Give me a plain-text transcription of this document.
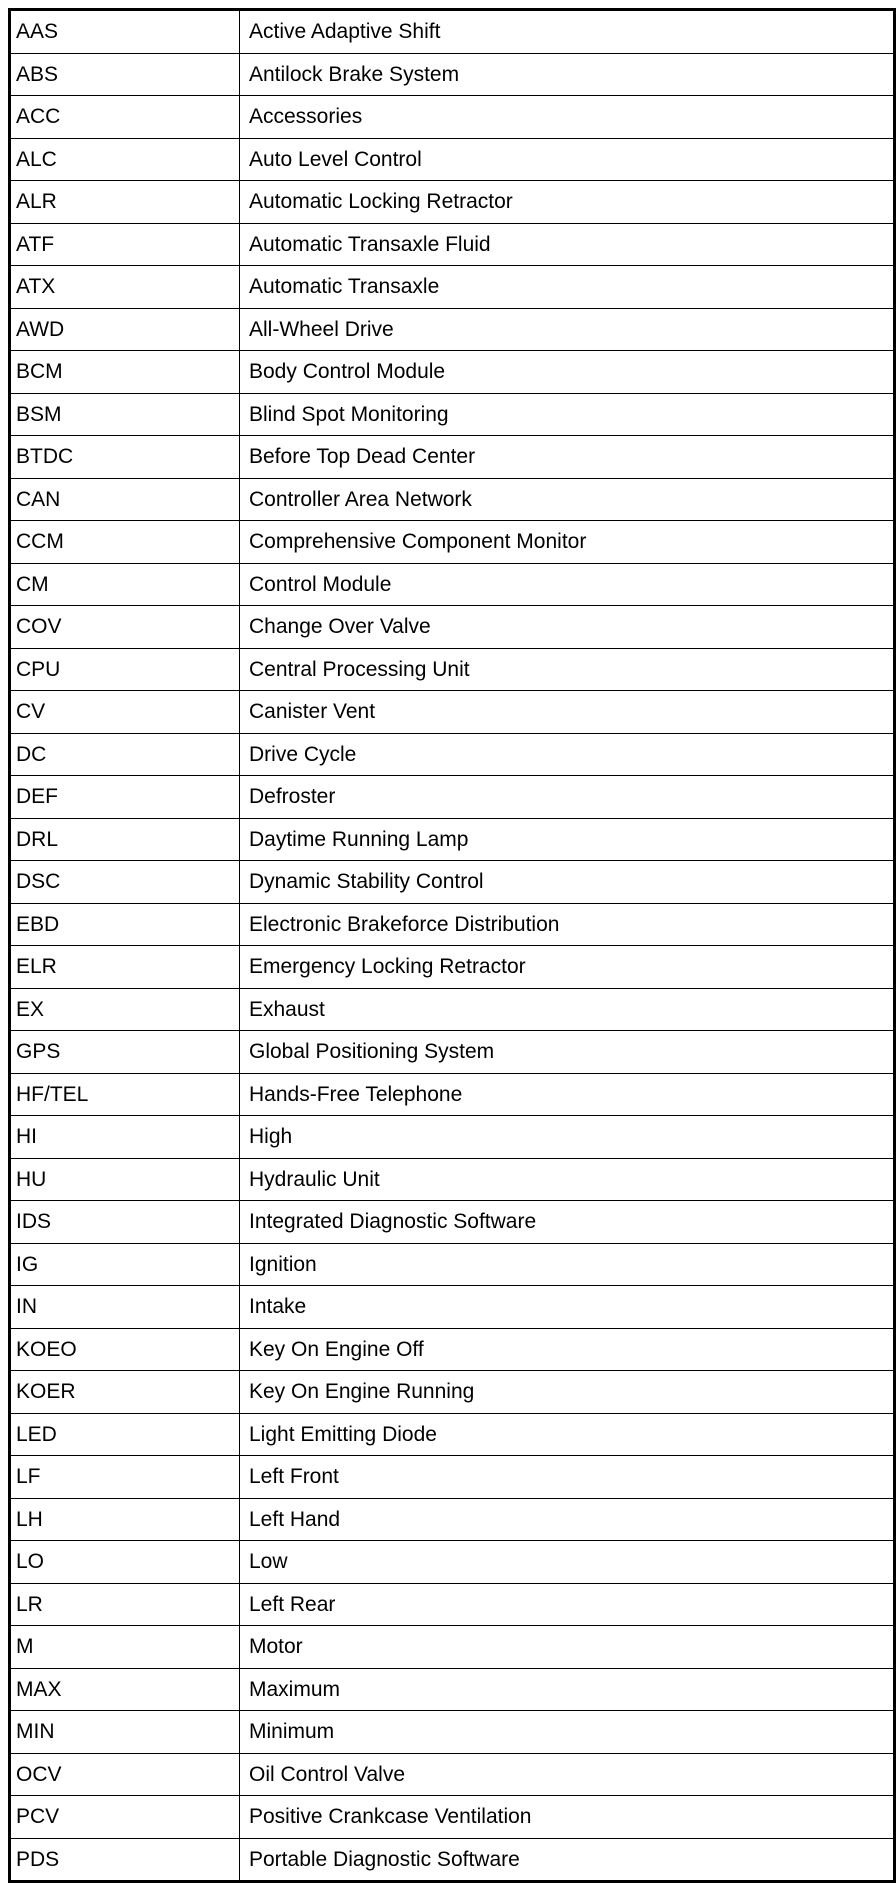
AAS	Active Adaptive Shift
ABS	Antilock Brake System
ACC	Accessories
ALC	Auto Level Control
ALR	Automatic Locking Retractor
ATF	Automatic Transaxle Fluid
ATX	Automatic Transaxle
AWD	All-Wheel Drive
BCM	Body Control Module
BSM	Blind Spot Monitoring
BTDC	Before Top Dead Center
CAN	Controller Area Network
CCM	Comprehensive Component Monitor
CM	Control Module
COV	Change Over Valve
CPU	Central Processing Unit
CV	Canister Vent
DC	Drive Cycle
DEF	Defroster
DRL	Daytime Running Lamp
DSC	Dynamic Stability Control
EBD	Electronic Brakeforce Distribution
ELR	Emergency Locking Retractor
EX	Exhaust
GPS	Global Positioning System
HF/TEL	Hands-Free Telephone
HI	High
HU	Hydraulic Unit
IDS	Integrated Diagnostic Software
IG	Ignition
IN	Intake
KOEO	Key On Engine Off
KOER	Key On Engine Running
LED	Light Emitting Diode
LF	Left Front
LH	Left Hand
LO	Low
LR	Left Rear
M	Motor
MAX	Maximum
MIN	Minimum
OCV	Oil Control Valve
PCV	Positive Crankcase Ventilation
PDS	Portable Diagnostic Software
